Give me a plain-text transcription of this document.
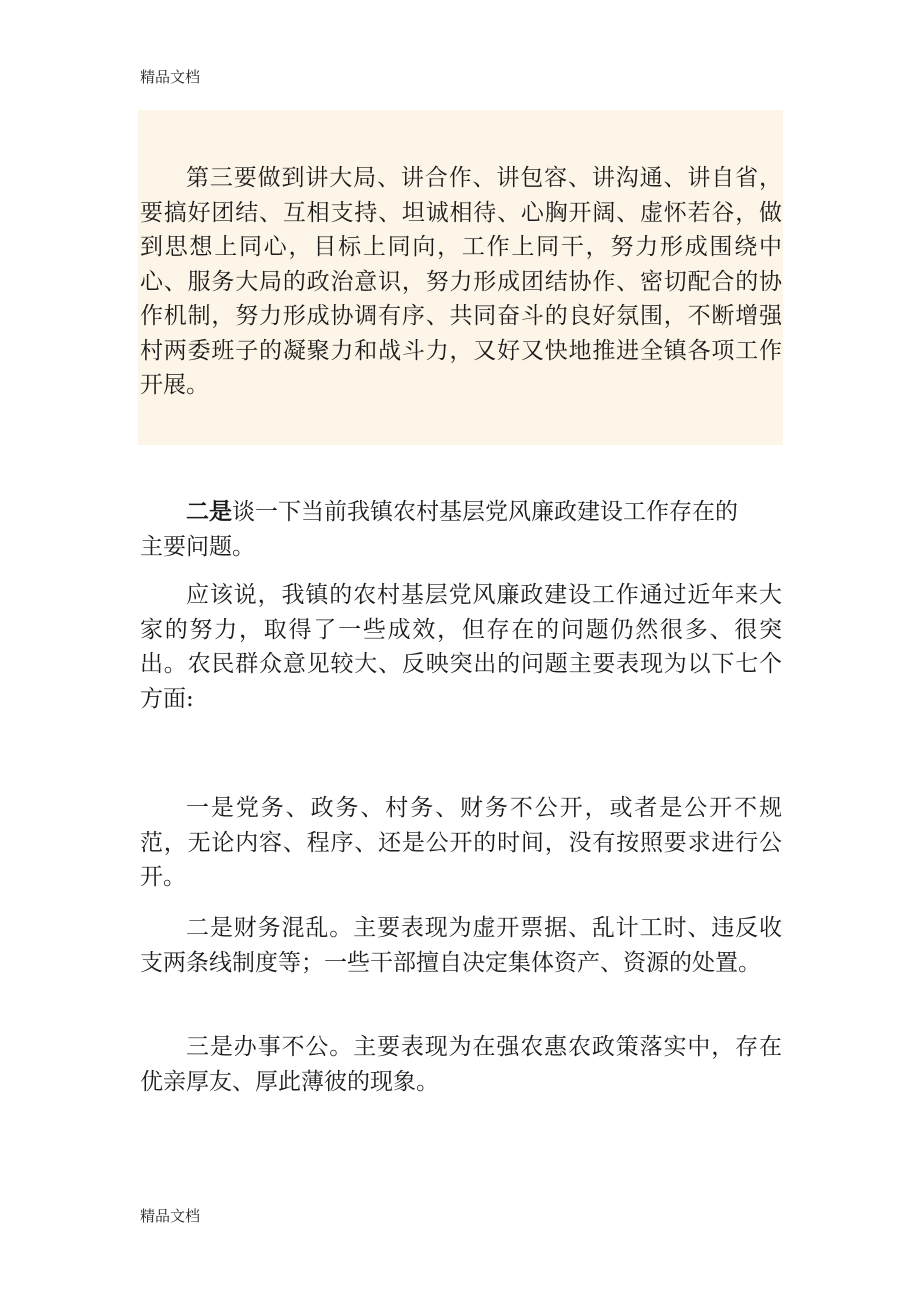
精品文档

第三要做到讲大局、讲合作、讲包容、讲沟通、讲自省，要搞好团结、互相支持、坦诚相待、心胸开阔、虚怀若谷，做到思想上同心，目标上同向，工作上同干，努力形成围绕中心、服务大局的政治意识，努力形成团结协作、密切配合的协作机制，努力形成协调有序、共同奋斗的良好氛围，不断增强村两委班子的凝聚力和战斗力，又好又快地推进全镇各项工作开展。

二是谈一下当前我镇农村基层党风廉政建设工作存在的主要问题。

应该说，我镇的农村基层党风廉政建设工作通过近年来大家的努力，取得了一些成效，但存在的问题仍然很多、很突出。农民群众意见较大、反映突出的问题主要表现为以下七个方面:

一是党务、政务、村务、财务不公开，或者是公开不规范，无论内容、程序、还是公开的时间，没有按照要求进行公开。

二是财务混乱。主要表现为虚开票据、乱计工时、违反收支两条线制度等；一些干部擅自决定集体资产、资源的处置。

三是办事不公。主要表现为在强农惠农政策落实中，存在优亲厚友、厚此薄彼的现象。

精品文档
